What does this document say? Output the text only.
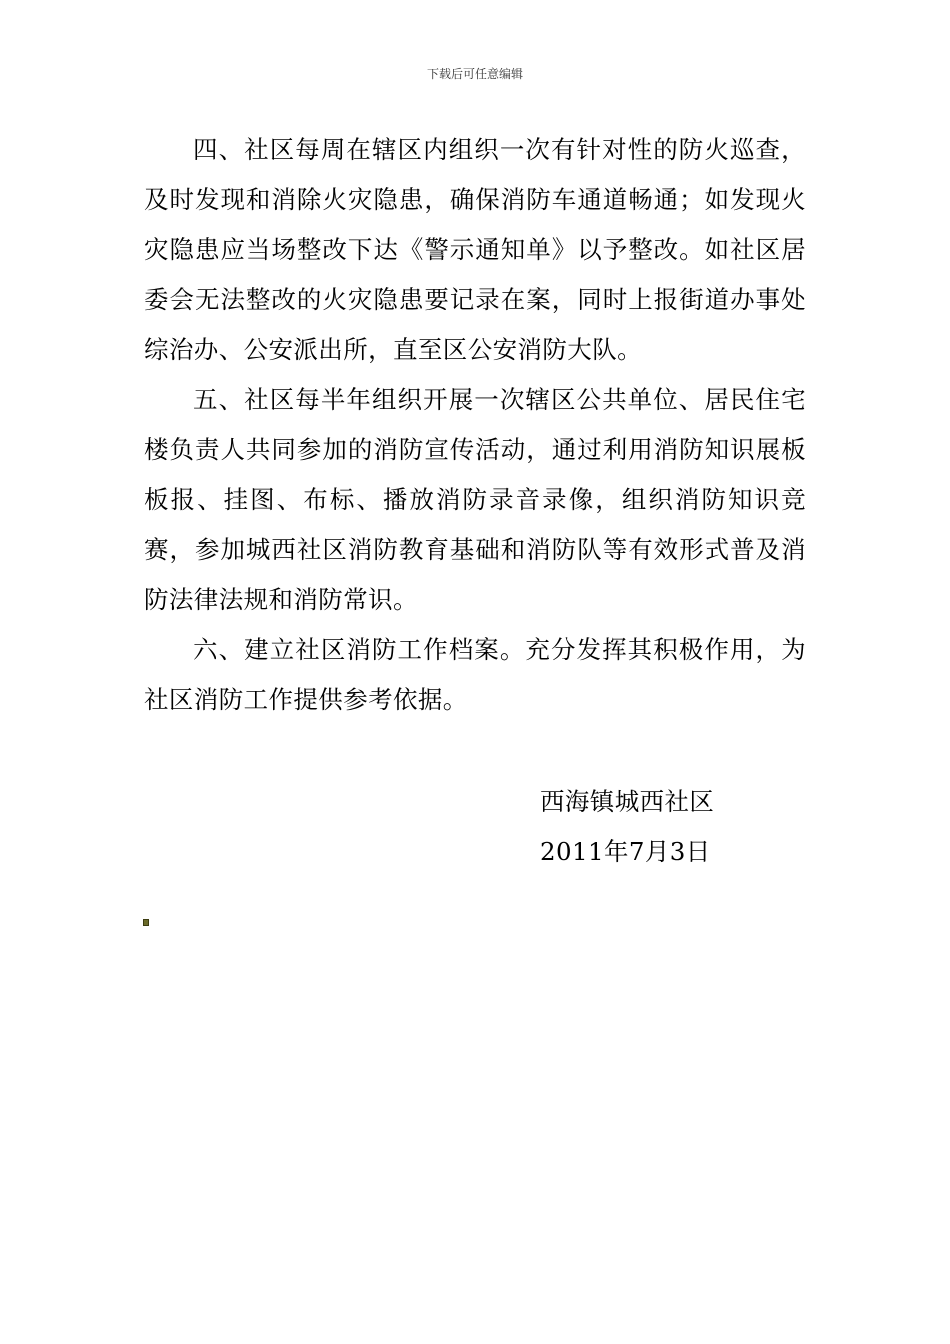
下载后可任意编辑

四、社区每周在辖区内组织一次有针对性的防火巡查，及时发现和消除火灾隐患，确保消防车通道畅通；如发现火灾隐患应当场整改下达《警示通知单》以予整改。如社区居委会无法整改的火灾隐患要记录在案，同时上报街道办事处综治办、公安派出所，直至区公安消防大队。

五、社区每半年组织开展一次辖区公共单位、居民住宅楼负责人共同参加的消防宣传活动，通过利用消防知识展板板报、挂图、布标、播放消防录音录像，组织消防知识竞赛，参加城西社区消防教育基础和消防队等有效形式普及消防法律法规和消防常识。

六、建立社区消防工作档案。充分发挥其积极作用，为社区消防工作提供参考依据。

西海镇城西社区
2011年7月3日
